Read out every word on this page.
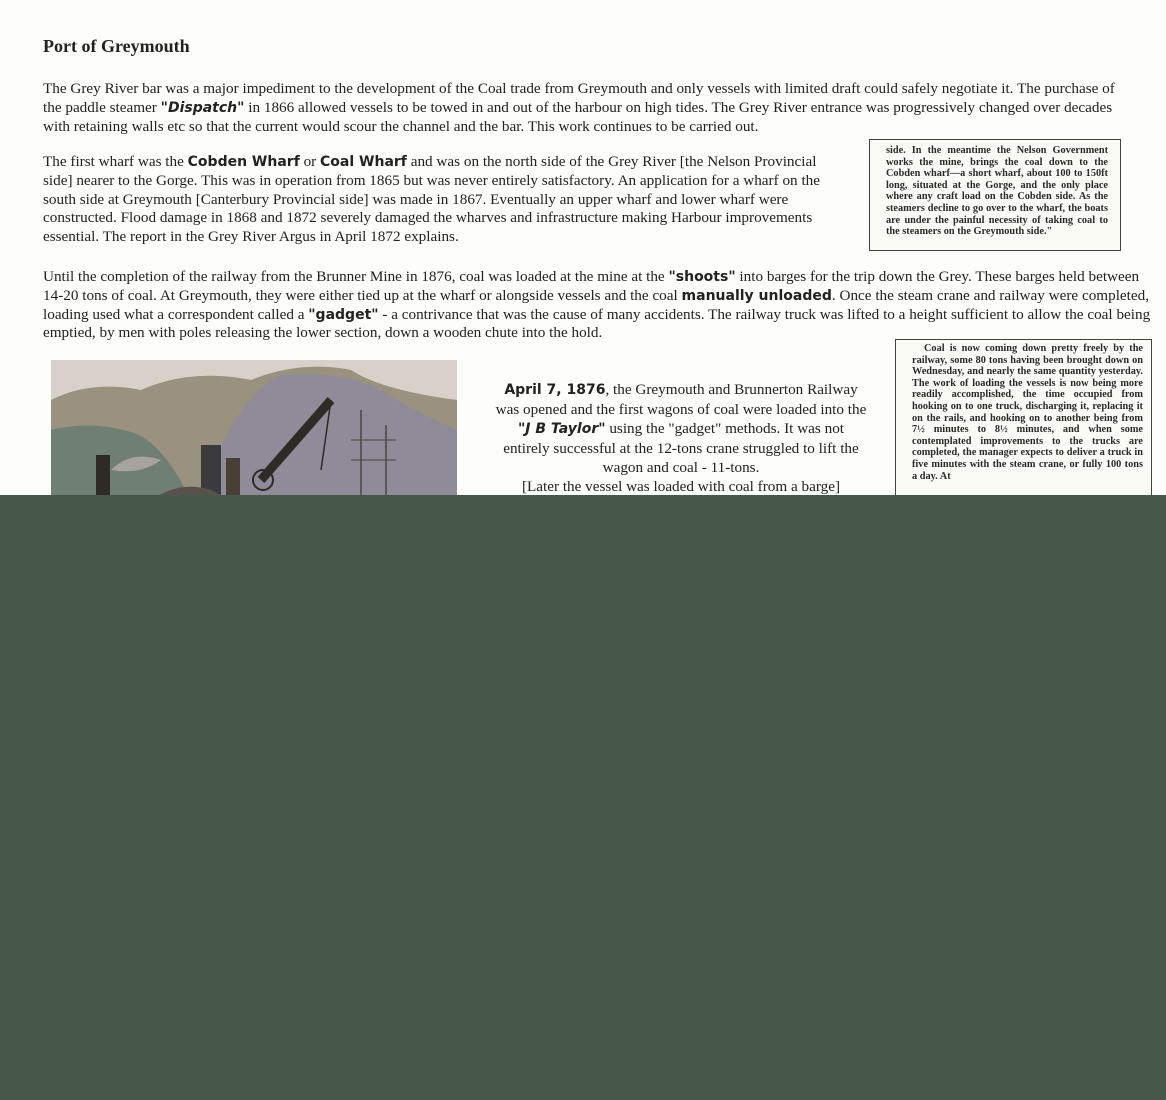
Port of Greymouth

The Grey River bar was a major impediment to the development of the Coal trade from Greymouth and only vessels with limited draft could safely negotiate it. The purchase of the paddle steamer "Dispatch" in 1866 allowed vessels to be towed in and out of the harbour on high tides. The Grey River entrance was progressively changed over decades with retaining walls etc so that the current would scour the channel and the bar. This work continues to be carried out.

The first wharf was the Cobden Wharf or Coal Wharf and was on the north side of the Grey River [the Nelson Provincial side] nearer to the Gorge. This was in operation from 1865 but was never entirely satisfactory. An application for a wharf on the south side at Greymouth [Canterbury Provincial side] was made in 1867. Eventually an upper wharf and lower wharf were constructed. Flood damage in 1868 and 1872 severely damaged the wharves and infrastructure making Harbour improvements essential. The report in the Grey River Argus in April 1872 explains.

side. In the meantime the Nelson Government works the mine, brings the coal down to the Cobden wharf—a short wharf, about 100 to 150ft long, situated at the Gorge, and the only place where any craft load on the Cobden side. As the steamers decline to go over to the wharf, the boats are under the painful necessity of taking coal to the steamers on the Greymouth side."

Until the completion of the railway from the Brunner Mine in 1876, coal was loaded at the mine at the "shoots" into barges for the trip down the Grey. These barges held between 14-20 tons of coal. At Greymouth, they were either tied up at the wharf or alongside vessels and the coal manually unloaded. Once the steam crane and railway were completed, loading used what a correspondent called a "gadget" - a contrivance that was the cause of many accidents. The railway truck was lifted to a height sufficient to allow the coal being emptied, by men with poles releasing the lower section, down a wooden chute into the hold.

April 7, 1876, the Greymouth and Brunnerton Railway was opened and the first wagons of coal were loaded into the "J B Taylor" using the "gadget" methods. It was not entirely successful at the 12-tons crane struggled to lift the wagon and coal - 11-tons.
[Later the vessel was loaded with coal from a barge]

Coal is now coming down pretty freely by the railway, some 80 tons having been brought down on Wednesday, and nearly the same quantity yesterday. The work of loading the vessels is now being more readily accomplished, the time occupied from hooking on to one truck, discharging it, replacing it on the rails, and hooking on to another being from 7½ minutes to 8½ minutes, and when some contemplated improvements to the trucks are completed, the manager expects to deliver a truck in five minutes with the steam crane, or fully 100 tons a day. At
